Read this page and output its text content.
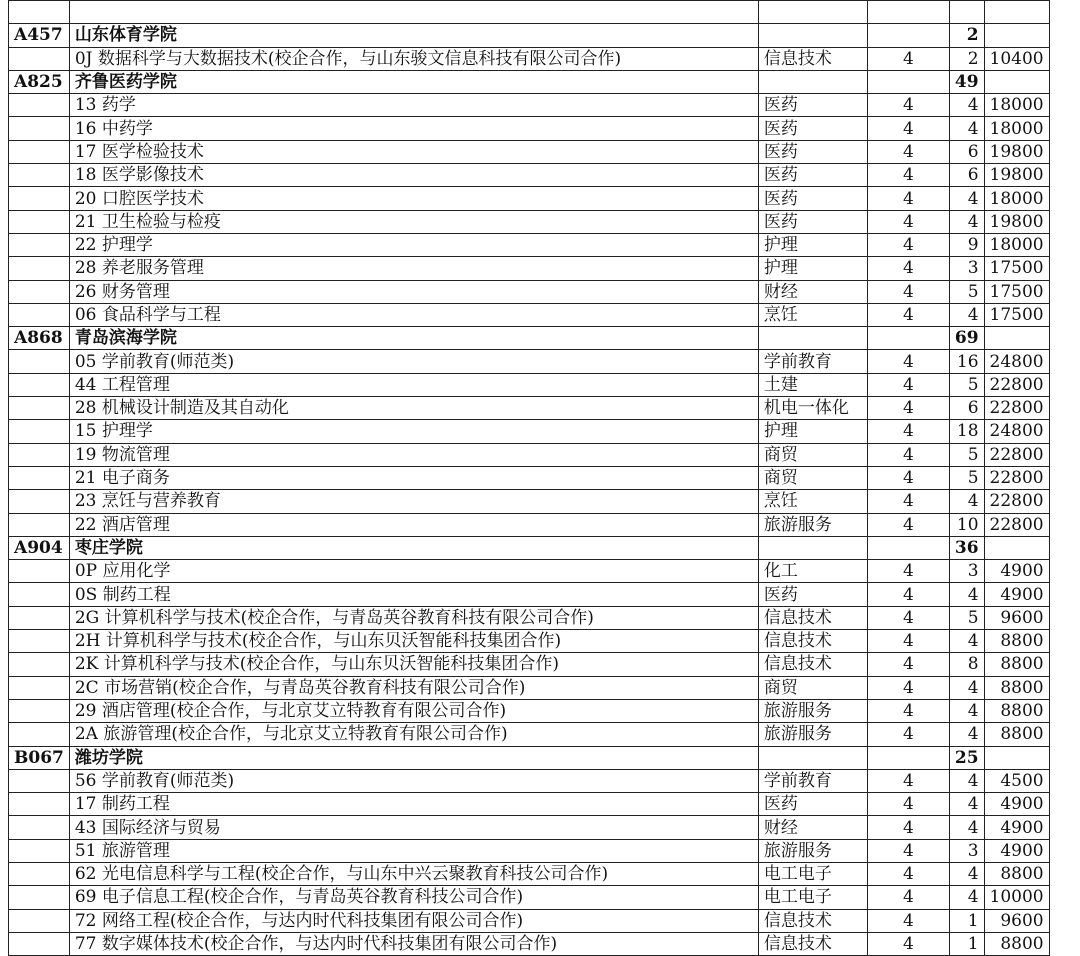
A457	山东体育学院			2	
	0J 数据科学与大数据技术(校企合作，与山东骏文信息科技有限公司合作)	信息技术	4	2	10400
A825	齐鲁医药学院			49	
	13 药学	医药	4	4	18000
	16 中药学	医药	4	4	18000
	17 医学检验技术	医药	4	6	19800
	18 医学影像技术	医药	4	6	19800
	20 口腔医学技术	医药	4	4	18000
	21 卫生检验与检疫	医药	4	4	19800
	22 护理学	护理	4	9	18000
	28 养老服务管理	护理	4	3	17500
	26 财务管理	财经	4	5	17500
	06 食品科学与工程	烹饪	4	4	17500
A868	青岛滨海学院			69	
	05 学前教育(师范类)	学前教育	4	16	24800
	44 工程管理	土建	4	5	22800
	28 机械设计制造及其自动化	机电一体化	4	6	22800
	15 护理学	护理	4	18	24800
	19 物流管理	商贸	4	5	22800
	21 电子商务	商贸	4	5	22800
	23 烹饪与营养教育	烹饪	4	4	22800
	22 酒店管理	旅游服务	4	10	22800
A904	枣庄学院			36	
	0P 应用化学	化工	4	3	4900
	0S 制药工程	医药	4	4	4900
	2G 计算机科学与技术(校企合作，与青岛英谷教育科技有限公司合作)	信息技术	4	5	9600
	2H 计算机科学与技术(校企合作，与山东贝沃智能科技集团合作)	信息技术	4	4	8800
	2K 计算机科学与技术(校企合作，与山东贝沃智能科技集团合作)	信息技术	4	8	8800
	2C 市场营销(校企合作，与青岛英谷教育科技有限公司合作)	商贸	4	4	8800
	29 酒店管理(校企合作，与北京艾立特教育有限公司合作)	旅游服务	4	4	8800
	2A 旅游管理(校企合作，与北京艾立特教育有限公司合作)	旅游服务	4	4	8800
B067	潍坊学院			25	
	56 学前教育(师范类)	学前教育	4	4	4500
	17 制药工程	医药	4	4	4900
	43 国际经济与贸易	财经	4	4	4900
	51 旅游管理	旅游服务	4	3	4900
	62 光电信息科学与工程(校企合作，与山东中兴云聚教育科技公司合作)	电工电子	4	4	8800
	69 电子信息工程(校企合作，与青岛英谷教育科技公司合作)	电工电子	4	4	10000
	72 网络工程(校企合作，与达内时代科技集团有限公司合作)	信息技术	4	1	9600
	77 数字媒体技术(校企合作，与达内时代科技集团有限公司合作)	信息技术	4	1	8800
